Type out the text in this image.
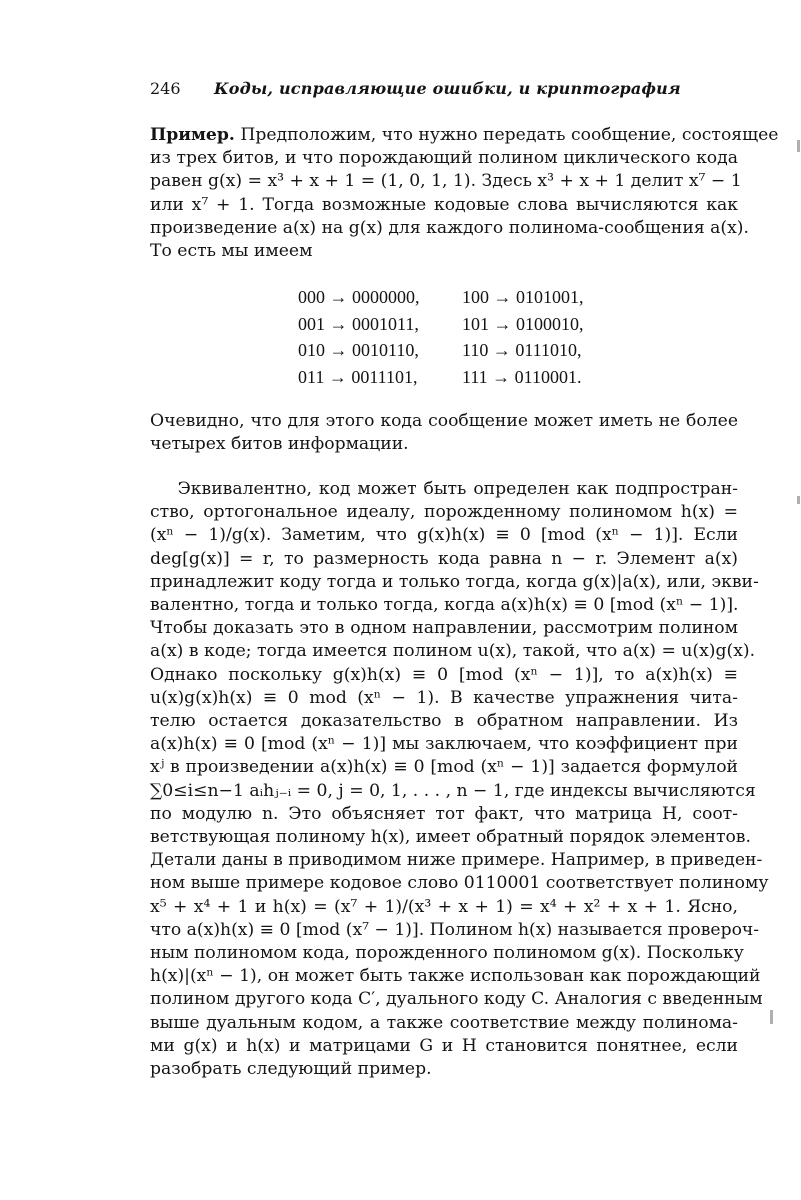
246 Коды, исправляющие ошибки, и криптография
Пример. Предположим, что нужно передать сообщение, состоящее
из трех битов, и что порождающий полином циклического кода
равен g(x) = x³ + x + 1 = (1, 0, 1, 1). Здесь x³ + x + 1 делит x⁷ − 1
или x⁷ + 1. Тогда возможные кодовые слова вычисляются как
произведение a(x) на g(x) для каждого полинома-сообщения a(x).
То есть мы имеем
000 → 0000000,	100 → 0101001,
001 → 0001011,	101 → 0100010,
010 → 0010110,	110 → 0111010,
011 → 0011101,	111 → 0110001.
Очевидно, что для этого кода сообщение может иметь не более
четырех битов информации.
Эквивалентно, код может быть определен как подпростран-
ство, ортогональное идеалу, порожденному полиномом h(x) =
(xⁿ − 1)/g(x). Заметим, что g(x)h(x) ≡ 0 [mod (xⁿ − 1)]. Если
deg[g(x)] = r, то размерность кода равна n − r. Элемент a(x)
принадлежит коду тогда и только тогда, когда g(x)|a(x), или, экви-
валентно, тогда и только тогда, когда a(x)h(x) ≡ 0 [mod (xⁿ − 1)].
Чтобы доказать это в одном направлении, рассмотрим полином
a(x) в коде; тогда имеется полином u(x), такой, что a(x) = u(x)g(x).
Однако поскольку g(x)h(x) ≡ 0 [mod (xⁿ − 1)], то a(x)h(x) ≡
u(x)g(x)h(x) ≡ 0 mod (xⁿ − 1). В качестве упражнения чита-
телю остается доказательство в обратном направлении. Из
a(x)h(x) ≡ 0 [mod (xⁿ − 1)] мы заключаем, что коэффициент при
xʲ в произведении a(x)h(x) ≡ 0 [mod (xⁿ − 1)] задается формулой
∑0≤i≤n−1 aᵢhⱼ₋ᵢ = 0, j = 0, 1, . . . , n − 1, где индексы вычисляются
по модулю n. Это объясняет тот факт, что матрица H, соот-
ветствующая полиному h(x), имеет обратный порядок элементов.
Детали даны в приводимом ниже примере. Например, в приведен-
ном выше примере кодовое слово 0110001 соответствует полиному
x⁵ + x⁴ + 1 и h(x) = (x⁷ + 1)/(x³ + x + 1) = x⁴ + x² + x + 1. Ясно,
что a(x)h(x) ≡ 0 [mod (x⁷ − 1)]. Полином h(x) называется провероч-
ным полиномом кода, порожденного полиномом g(x). Поскольку
h(x)|(xⁿ − 1), он может быть также использован как порождающий
полином другого кода C′, дуального коду C. Аналогия с введенным
выше дуальным кодом, а также соответствие между полинома-
ми g(x) и h(x) и матрицами G и H становится понятнее, если
разобрать следующий пример.
